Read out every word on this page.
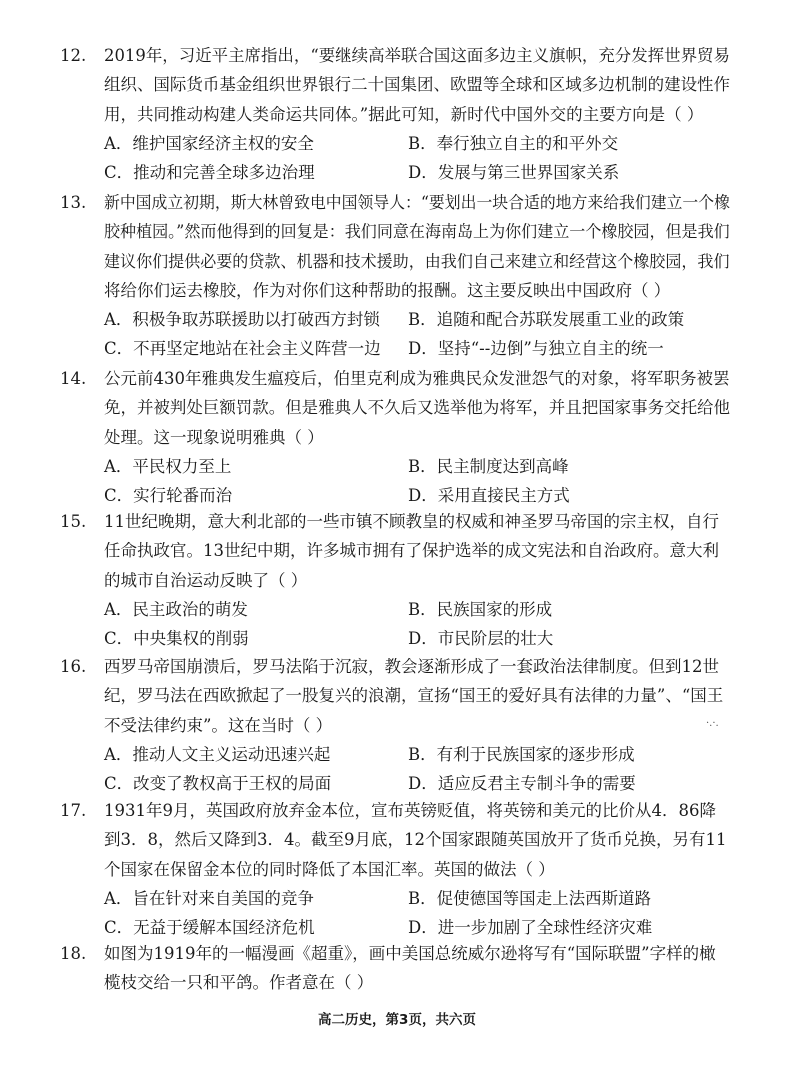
12.	2019年，习近平主席指出，“要继续高举联合国这面多边主义旗帜，充分发挥世界贸易
组织、国际货币基金组织世界银行二十国集团、欧盟等全球和区域多边机制的建设性作
用，共同推动构建人类命运共同体。”据此可知，新时代中国外交的主要方向是（ ）
A．维护国家经济主权的安全	B．奉行独立自主的和平外交
C．推动和完善全球多边治理	D．发展与第三世界国家关系
13.	新中国成立初期，斯大林曾致电中国领导人：“要划出一块合适的地方来给我们建立一个橡
胶种植园。”然而他得到的回复是：我们同意在海南岛上为你们建立一个橡胶园，但是我们
建议你们提供必要的贷款、机器和技术援助，由我们自己来建立和经营这个橡胶园，我们
将给你们运去橡胶，作为对你们这种帮助的报酬。这主要反映出中国政府（ ）
A．积极争取苏联援助以打破西方封锁 B．追随和配合苏联发展重工业的政策
C．不再坚定地站在社会主义阵营一边 D．坚持“--边倒”与独立自主的统一
14.	公元前430年雅典发生瘟疫后，伯里克利成为雅典民众发泄怨气的对象，将军职务被罢
免，并被判处巨额罚款。但是雅典人不久后又选举他为将军，并且把国家事务交托给他
处理。这一现象说明雅典（ ）
A．平民权力至上	B．民主制度达到高峰
C．实行轮番而治	D．采用直接民主方式
15.	11世纪晚期，意大利北部的一些市镇不顾教皇的权威和神圣罗马帝国的宗主权，自行
任命执政官。13世纪中期，许多城市拥有了保护选举的成文宪法和自治政府。意大利
的城市自治运动反映了（ ）
A．民主政治的萌发	B．民族国家的形成
C．中央集权的削弱	D．市民阶层的壮大
16.	西罗马帝国崩溃后，罗马法陷于沉寂，教会逐渐形成了一套政治法律制度。但到12世
纪，罗马法在西欧掀起了一股复兴的浪潮，宣扬“国王的爱好具有法律的力量”、“国王
不受法律约束”。这在当时（ ）
A．推动人文主义运动迅速兴起	B．有利于民族国家的逐步形成
C．改变了教权高于王权的局面	D．适应反君主专制斗争的需要
·.·.
17.	1931年9月，英国政府放弃金本位，宣布英镑贬值，将英镑和美元的比价从4．86降
到3．8，然后又降到3．4。截至9月底，12个国家跟随英国放开了货币兑换，另有11
个国家在保留金本位的同时降低了本国汇率。英国的做法（ ）
A．旨在针对来自美国的竞争	B．促使德国等国走上法西斯道路
C．无益于缓解本国经济危机	D．进一步加剧了全球性经济灾难
18.	如图为1919年的一幅漫画《超重》，画中美国总统威尔逊将写有“国际联盟”字样的橄
榄枝交给一只和平鸽。作者意在（ ）
高二历史，第3页，共六页
